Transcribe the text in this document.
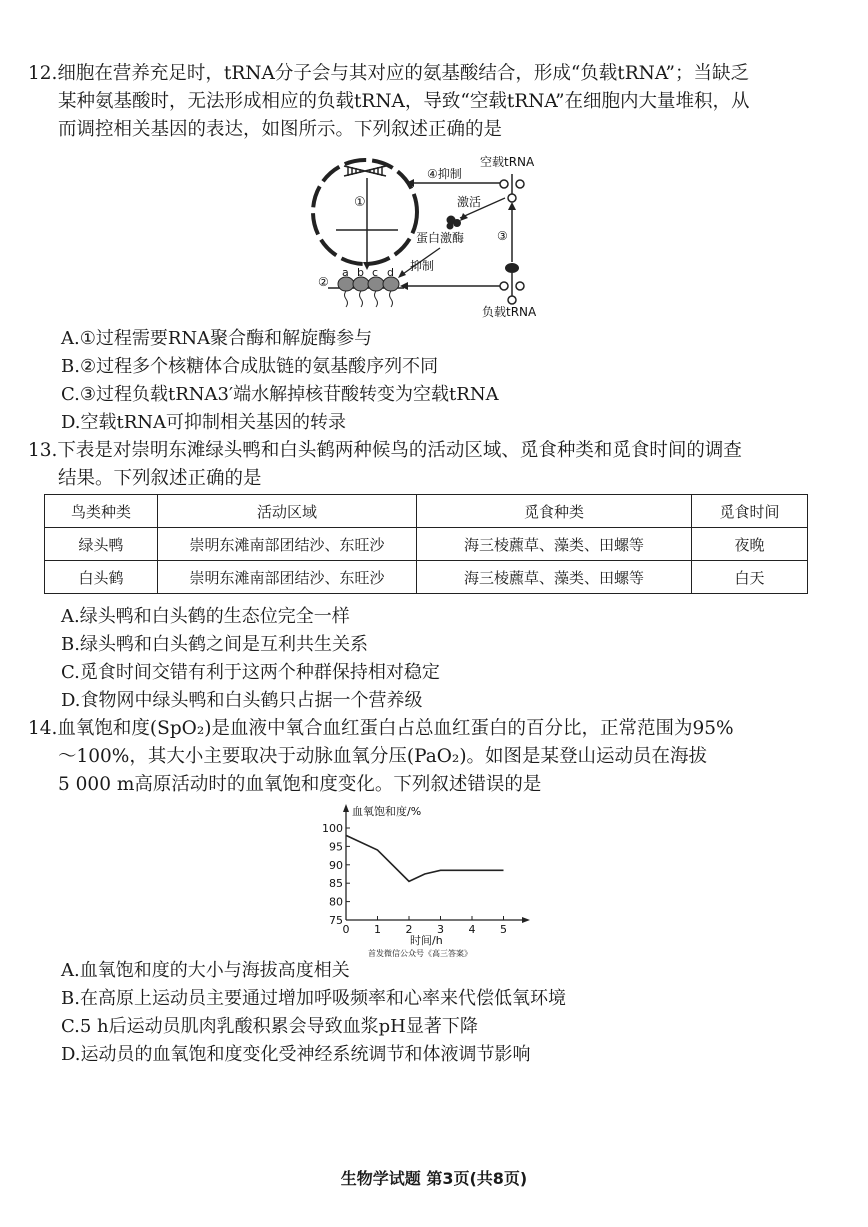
12.细胞在营养充足时，tRNA分子会与其对应的氨基酸结合，形成“负载tRNA”；当缺乏
某种氨基酸时，无法形成相应的负载tRNA，导致“空载tRNA”在细胞内大量堆积，从
而调控相关基因的表达，如图所示。下列叙述正确的是
①
②
a b c d
④抑制
空载tRNA
激活
蛋白激酶
抑制
③
负载tRNA
A.①过程需要RNA聚合酶和解旋酶参与
B.②过程多个核糖体合成肽链的氨基酸序列不同
C.③过程负载tRNA3′端水解掉核苷酸转变为空载tRNA
D.空载tRNA可抑制相关基因的转录
13.下表是对崇明东滩绿头鸭和白头鹤两种候鸟的活动区域、觅食种类和觅食时间的调查
结果。下列叙述正确的是
鸟类种类	活动区域	觅食种类	觅食时间
绿头鸭	崇明东滩南部团结沙、东旺沙	海三棱藨草、藻类、田螺等	夜晚
白头鹤	崇明东滩南部团结沙、东旺沙	海三棱藨草、藻类、田螺等	白天
A.绿头鸭和白头鹤的生态位完全一样
B.绿头鸭和白头鹤之间是互利共生关系
C.觅食时间交错有利于这两个种群保持相对稳定
D.食物网中绿头鸭和白头鹤只占据一个营养级
14.血氧饱和度(SpO₂)是血液中氧合血红蛋白占总血红蛋白的百分比，正常范围为95%
～100%，其大小主要取决于动脉血氧分压(PaO₂)。如图是某登山运动员在海拔
5 000 m高原活动时的血氧饱和度变化。下列叙述错误的是
血氧饱和度/%
时间/h
75
80
85
90
95
100
0 1 2 3 4 5
首发微信公众号《高三答案》
A.血氧饱和度的大小与海拔高度相关
B.在高原上运动员主要通过增加呼吸频率和心率来代偿低氧环境
C.5 h后运动员肌肉乳酸积累会导致血浆pH显著下降
D.运动员的血氧饱和度变化受神经系统调节和体液调节影响
生物学试题 第3页(共8页)
